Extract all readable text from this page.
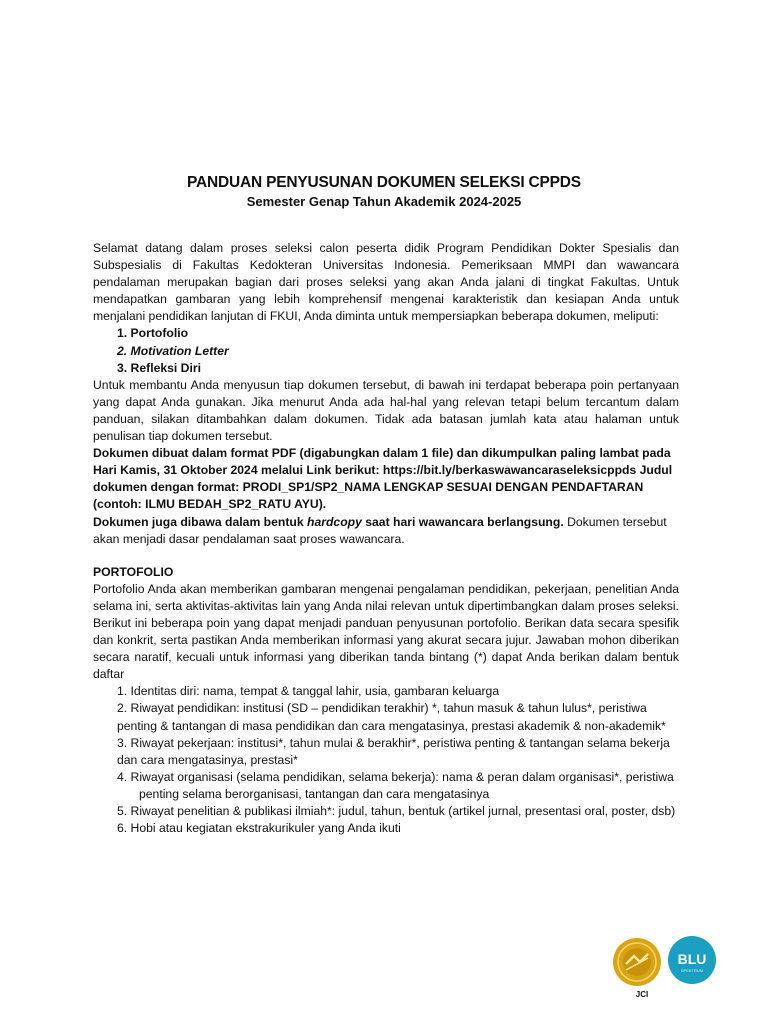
PANDUAN PENYUSUNAN DOKUMEN SELEKSI CPPDS
Semester Genap Tahun Akademik 2024-2025
Selamat datang dalam proses seleksi calon peserta didik Program Pendidikan Dokter Spesialis dan Subspesialis di Fakultas Kedokteran Universitas Indonesia. Pemeriksaan MMPI dan wawancara pendalaman merupakan bagian dari proses seleksi yang akan Anda jalani di tingkat Fakultas. Untuk mendapatkan gambaran yang lebih komprehensif mengenai karakteristik dan kesiapan Anda untuk menjalani pendidikan lanjutan di FKUI, Anda diminta untuk mempersiapkan beberapa dokumen, meliputi:
1. Portofolio
2. Motivation Letter
3. Refleksi Diri
Untuk membantu Anda menyusun tiap dokumen tersebut, di bawah ini terdapat beberapa poin pertanyaan yang dapat Anda gunakan. Jika menurut Anda ada hal-hal yang relevan tetapi belum tercantum dalam panduan, silakan ditambahkan dalam dokumen. Tidak ada batasan jumlah kata atau halaman untuk penulisan tiap dokumen tersebut.
Dokumen dibuat dalam format PDF (digabungkan dalam 1 file) dan dikumpulkan paling lambat pada Hari Kamis, 31 Oktober 2024 melalui Link berikut: https://bit.ly/berkaswawancaraseleksicppds Judul dokumen dengan format: PRODI_SP1/SP2_NAMA LENGKAP SESUAI DENGAN PENDAFTARAN (contoh: ILMU BEDAH_SP2_RATU AYU).
Dokumen juga dibawa dalam bentuk hardcopy saat hari wawancara berlangsung. Dokumen tersebut akan menjadi dasar pendalaman saat proses wawancara.
PORTOFOLIO
Portofolio Anda akan memberikan gambaran mengenai pengalaman pendidikan, pekerjaan, penelitian Anda selama ini, serta aktivitas-aktivitas lain yang Anda nilai relevan untuk dipertimbangkan dalam proses seleksi. Berikut ini beberapa poin yang dapat menjadi panduan penyusunan portofolio. Berikan data secara spesifik dan konkrit, serta pastikan Anda memberikan informasi yang akurat secara jujur. Jawaban mohon diberikan secara naratif, kecuali untuk informasi yang diberikan tanda bintang (*) dapat Anda berikan dalam bentuk daftar
1. Identitas diri: nama, tempat & tanggal lahir, usia, gambaran keluarga
2. Riwayat pendidikan: institusi (SD – pendidikan terakhir) *, tahun masuk & tahun lulus*, peristiwa penting & tantangan di masa pendidikan dan cara mengatasinya, prestasi akademik & non-akademik* 3. Riwayat pekerjaan: institusi*, tahun mulai & berakhir*, peristiwa penting & tantangan selama bekerja dan cara mengatasinya, prestasi*
4. Riwayat organisasi (selama pendidikan, selama bekerja): nama & peran dalam organisasi*, peristiwa
penting selama berorganisasi, tantangan dan cara mengatasinya
5. Riwayat penelitian & publikasi ilmiah*: judul, tahun, bentuk (artikel jurnal, presentasi oral, poster, dsb)
6. Hobi atau kegiatan ekstrakurikuler yang Anda ikuti
BLU
SPEKTRUM
JCI
